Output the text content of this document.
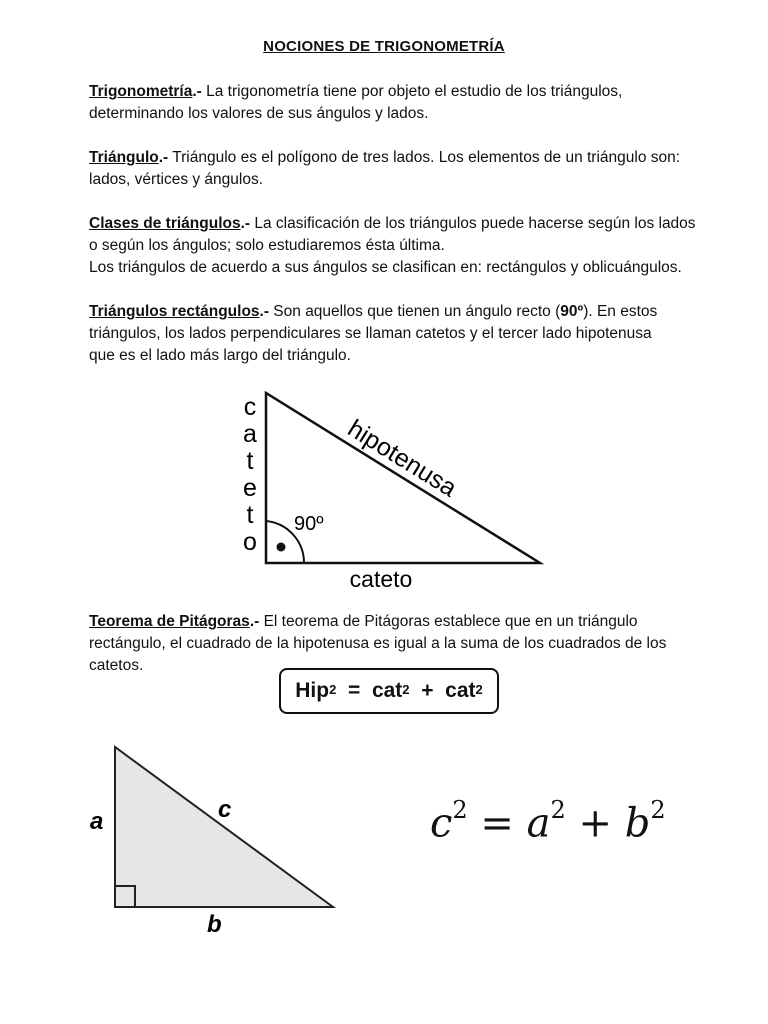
NOCIONES DE TRIGONOMETRÍA
Trigonometría.- La trigonometría tiene por objeto el estudio de los triángulos,
determinando los valores de sus ángulos y lados.
Triángulo.- Triángulo es el polígono de tres lados. Los elementos de un triángulo son:
lados, vértices y ángulos.
Clases de triángulos.- La clasificación de los triángulos puede hacerse según los lados
o según los ángulos; solo estudiaremos ésta última.
Los triángulos de acuerdo a sus ángulos se clasifican en: rectángulos y oblicuángulos.
Triángulos rectángulos.- Son aquellos que tienen un ángulo recto (90º). En estos
triángulos, los lados perpendiculares se llaman catetos y el tercer lado hipotenusa
que es el lado más largo del triángulo.
c
a
t
e
t
o
hipotenusa
90º
cateto
Teorema de Pitágoras.- El teorema de Pitágoras establece que en un triángulo
rectángulo, el cuadrado de la hipotenusa es igual a la suma de los cuadrados de los
catetos.
Hip$^2$ = cat$^2$ + cat$^2$
a	c
b
$c^2 = a^2 + b^2$
